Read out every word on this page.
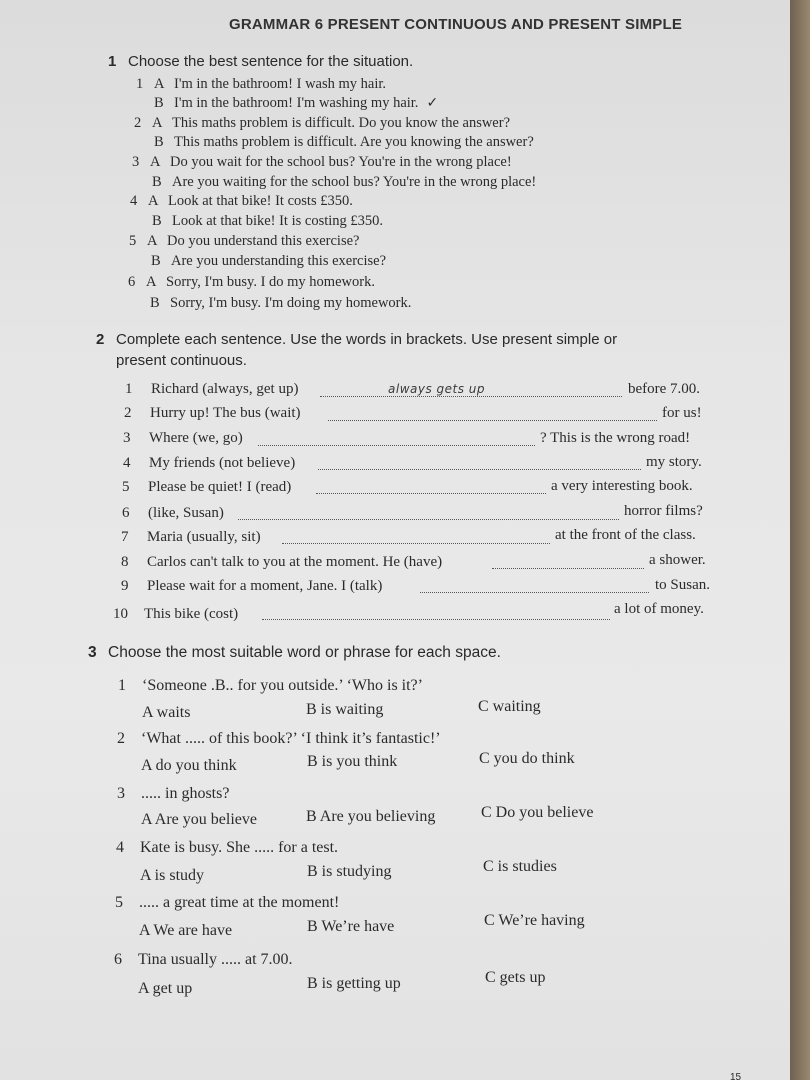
GRAMMAR 6 PRESENT CONTINUOUS AND PRESENT SIMPLE
1 Choose the best sentence for the situation.
1 A I'm in the bathroom! I wash my hair.
B I'm in the bathroom! I'm washing my hair. ✓
2 A This maths problem is difficult. Do you know the answer?
B This maths problem is difficult. Are you knowing the answer?
3 A Do you wait for the school bus? You're in the wrong place!
B Are you waiting for the school bus? You're in the wrong place!
4 A Look at that bike! It costs £350.
B Look at that bike! It is costing £350.
5 A Do you understand this exercise?
B Are you understanding this exercise?
6 A Sorry, I'm busy. I do my homework.
B Sorry, I'm busy. I'm doing my homework.
2 Complete each sentence. Use the words in brackets. Use present simple or
present continuous.
1 Richard (always, get up)	always gets up	before 7.00.
2 Hurry up! The bus (wait)	for us!
3 Where (we, go)	? This is the wrong road!
4 My friends (not believe)	my story.
5 Please be quiet! I (read)	a very interesting book.
6 (like, Susan)	horror films?
7 Maria (usually, sit)	at the front of the class.
8 Carlos can't talk to you at the moment. He (have)	a shower.
9 Please wait for a moment, Jane. I (talk)	to Susan.
10 This bike (cost)	a lot of money.
3 Choose the most suitable word or phrase for each space.
1 ‘Someone .B.. for you outside.’ ‘Who is it?’
A waits	B is waiting	C waiting
2 ‘What ..... of this book?’ ‘I think it’s fantastic!’
A do you think	B is you think	C you do think
3 ..... in ghosts?
A Are you believe	B Are you believing	C Do you believe
4 Kate is busy. She ..... for a test.
A is study	B is studying	C is studies
5 ..... a great time at the moment!
A We are have	B We’re have	C We’re having
6 Tina usually ..... at 7.00.
A get up	B is getting up	C gets up
15
